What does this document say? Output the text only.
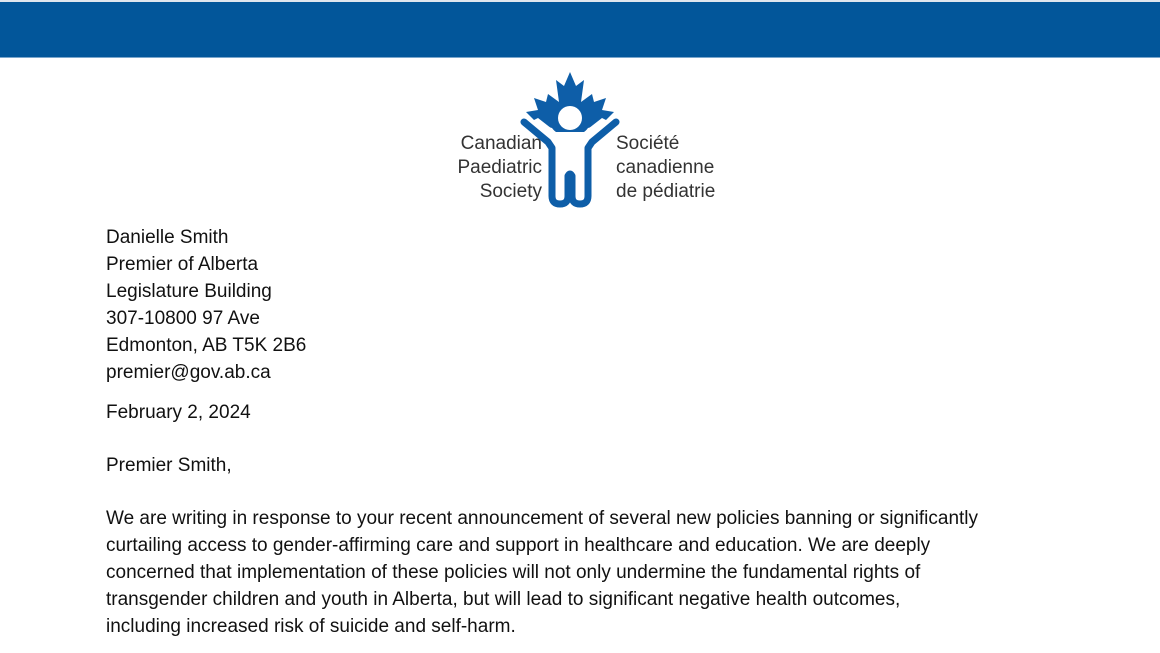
Canadian
Paediatric
Society
Société
canadienne
de pédiatrie
Danielle Smith
Premier of Alberta
Legislature Building
307-10800 97 Ave
Edmonton, AB T5K 2B6
premier@gov.ab.ca
February 2, 2024
Premier Smith,
We are writing in response to your recent announcement of several new policies banning or significantly
curtailing access to gender-affirming care and support in healthcare and education. We are deeply
concerned that implementation of these policies will not only undermine the fundamental rights of
transgender children and youth in Alberta, but will lead to significant negative health outcomes,
including increased risk of suicide and self-harm.
